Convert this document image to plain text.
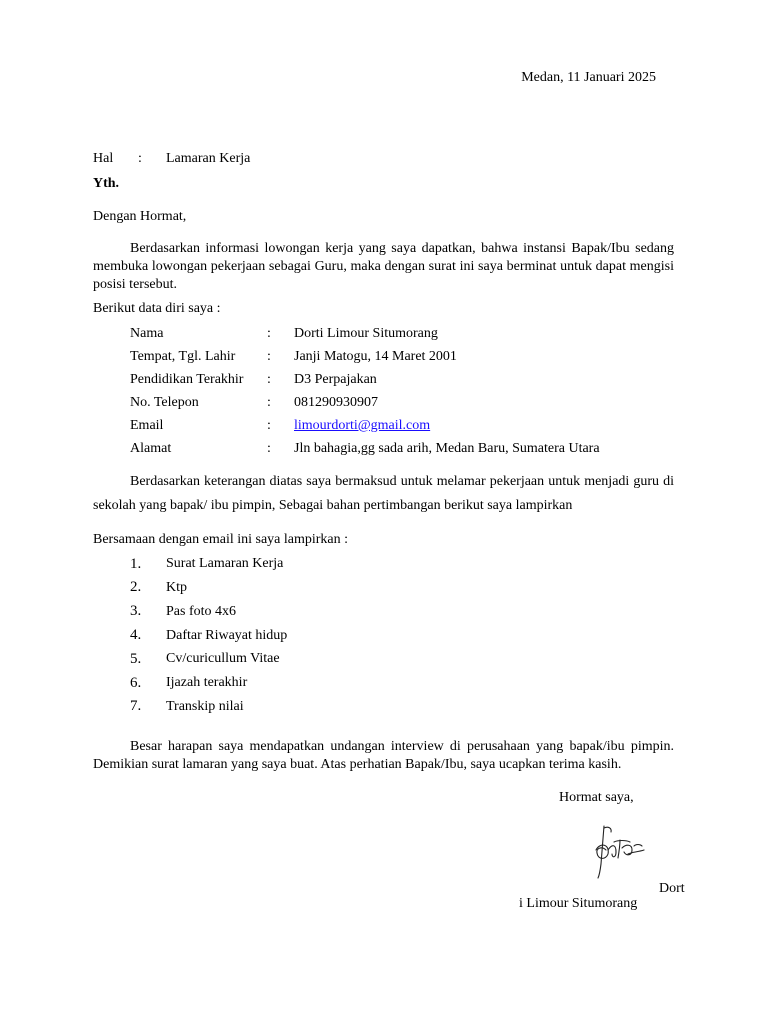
Medan, 11 Januari 2025
Hal : Lamaran Kerja
Yth.
Dengan Hormat,

Berdasarkan informasi lowongan kerja yang saya dapatkan, bahwa instansi Bapak/Ibu sedang membuka lowongan pekerjaan sebagai Guru, maka dengan surat ini saya berminat untuk dapat mengisi posisi tersebut.

Berikut data diri saya :
Nama	:	Dorti Limour Situmorang
Tempat, Tgl. Lahir	:	Janji Matogu, 14 Maret 2001
Pendidikan Terakhir	:	D3 Perpajakan
No. Telepon	:	081290930907
Email	:	limourdorti@gmail.com
Alamat	:	Jln bahagia,gg sada arih, Medan Baru, Sumatera Utara

Berdasarkan keterangan diatas saya bermaksud untuk melamar pekerjaan untuk menjadi guru di sekolah yang bapak/ ibu pimpin, Sebagai bahan pertimbangan berikut saya lampirkan

Bersamaan dengan email ini saya lampirkan :
1.	Surat Lamaran Kerja
2.	Ktp
3.	Pas foto 4x6
4.	Daftar Riwayat hidup
5.	Cv/curicullum Vitae
6.	Ijazah terakhir
7.	Transkip nilai

Besar harapan saya mendapatkan undangan interview di perusahaan yang bapak/ibu pimpin. Demikian surat lamaran yang saya buat. Atas perhatian Bapak/Ibu, saya ucapkan terima kasih.

Hormat saya,
Dort
i Limour Situmorang
